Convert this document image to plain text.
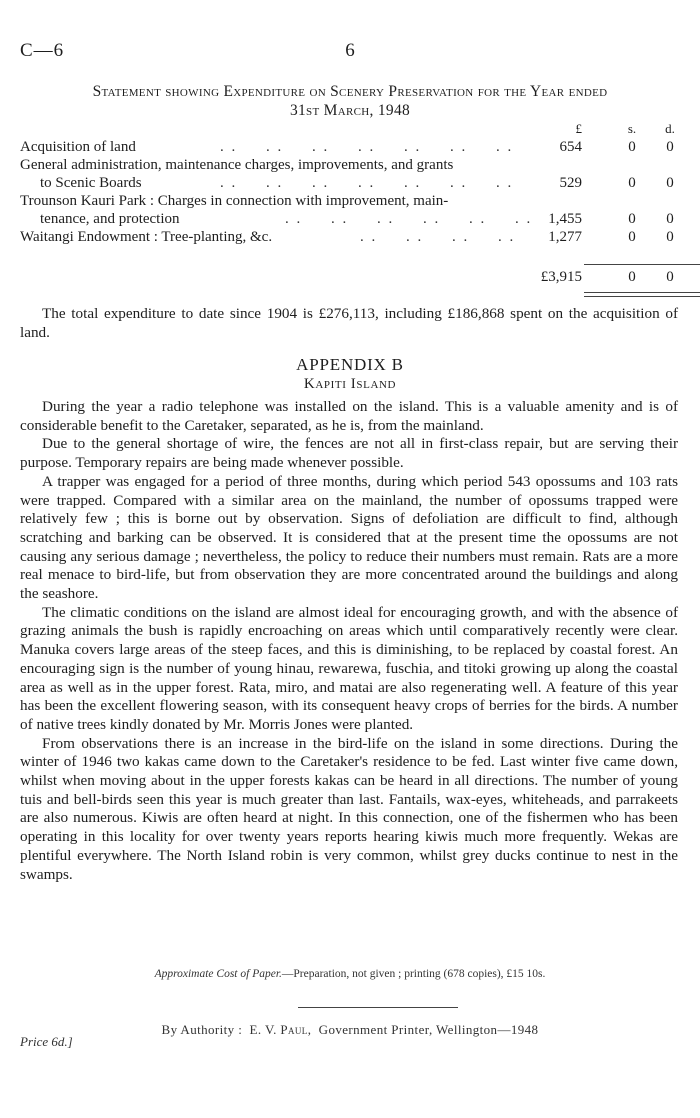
C—6	6
Statement showing Expenditure on Scenery Preservation for the Year ended
31st March, 1948
£	s.	d.
Acquisition of land	. .     . .     . .     . .     . .     . .     . .	654	0	0
General administration, maintenance charges, improvements, and grants
to Scenic Boards	. .     . .     . .     . .     . .     . .     . .	529	0	0
Trounson Kauri Park : Charges in connection with improvement, main-
tenance, and protection	. .     . .     . .     . .     . .     . . 1,455	0	0
Waitangi Endowment : Tree-planting, &c.	. .     . .     . .     . . 1,277	0	0
£3,915	0	0

The total expenditure to date since 1904 is £276,113, including £186,868 spent on the acquisition of land.

APPENDIX B
Kapiti Island

During the year a radio telephone was installed on the island. This is a valuable amenity and is of considerable benefit to the Caretaker, separated, as he is, from the mainland.

Due to the general shortage of wire, the fences are not all in first-class repair, but are serving their purpose. Temporary repairs are being made whenever possible.

A trapper was engaged for a period of three months, during which period 543 opossums and 103 rats were trapped. Compared with a similar area on the mainland, the number of opossums trapped were relatively few ; this is borne out by observation. Signs of defoliation are difficult to find, although scratching and barking can be observed. It is considered that at the present time the opossums are not causing any serious damage ; nevertheless, the policy to reduce their numbers must remain. Rats are a more real menace to bird-life, but from observation they are more concentrated around the buildings and along the seashore.

The climatic conditions on the island are almost ideal for encouraging growth, and with the absence of grazing animals the bush is rapidly encroaching on areas which until comparatively recently were clear. Manuka covers large areas of the steep faces, and this is diminishing, to be replaced by coastal forest. An encouraging sign is the number of young hinau, rewarewa, fuschia, and titoki growing up along the coastal area as well as in the upper forest. Rata, miro, and matai are also regenerating well. A feature of this year has been the excellent flowering season, with its consequent heavy crops of berries for the birds. A number of native trees kindly donated by Mr. Morris Jones were planted.

From observations there is an increase in the bird-life on the island in some directions. During the winter of 1946 two kakas came down to the Caretaker's residence to be fed. Last winter five came down, whilst when moving about in the upper forests kakas can be heard in all directions. The number of young tuis and bell-birds seen this year is much greater than last. Fantails, wax-eyes, whiteheads, and parrakeets are also numerous. Kiwis are often heard at night. In this connection, one of the fishermen who has been operating in this locality for over twenty years reports hearing kiwis much more frequently. Wekas are plentiful everywhere. The North Island robin is very common, whilst grey ducks continue to nest in the swamps.

Approximate Cost of Paper.—Preparation, not given ; printing (678 copies), £15 10s.
By Authority : E. V. Paul, Government Printer, Wellington—1948
Price 6d.]
